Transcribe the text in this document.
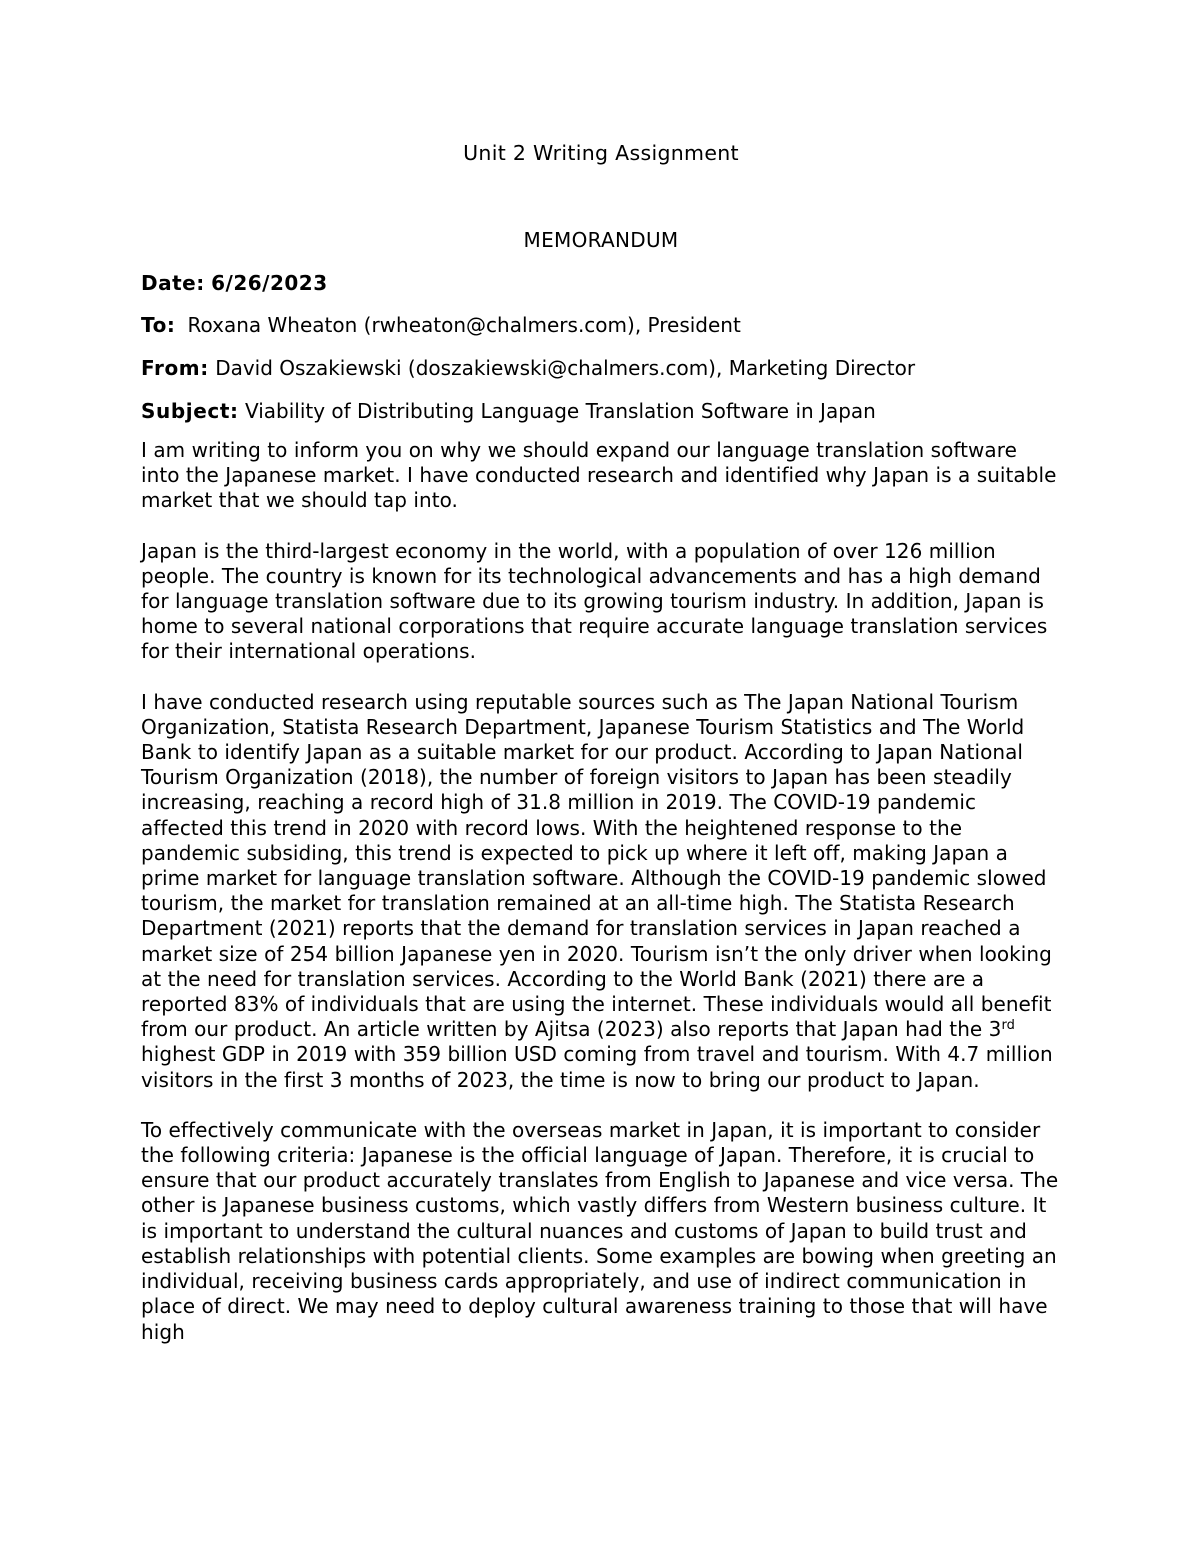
Unit 2 Writing Assignment

MEMORANDUM

Date: 6/26/2023

To: Roxana Wheaton (rwheaton@chalmers.com), President

From: David Oszakiewski (doszakiewski@chalmers.com), Marketing Director

Subject: Viability of Distributing Language Translation Software in Japan

I am writing to inform you on why we should expand our language translation software into the Japanese market. I have conducted research and identified why Japan is a suitable market that we should tap into.

Japan is the third-largest economy in the world, with a population of over 126 million people. The country is known for its technological advancements and has a high demand for language translation software due to its growing tourism industry. In addition, Japan is home to several national corporations that require accurate language translation services for their international operations.

I have conducted research using reputable sources such as The Japan National Tourism Organization, Statista Research Department, Japanese Tourism Statistics and The World Bank to identify Japan as a suitable market for our product. According to Japan National Tourism Organization (2018), the number of foreign visitors to Japan has been steadily increasing, reaching a record high of 31.8 million in 2019. The COVID-19 pandemic affected this trend in 2020 with record lows. With the heightened response to the pandemic subsiding, this trend is expected to pick up where it left off, making Japan a prime market for language translation software. Although the COVID-19 pandemic slowed tourism, the market for translation remained at an all-time high. The Statista Research Department (2021) reports that the demand for translation services in Japan reached a market size of 254 billion Japanese yen in 2020. Tourism isn’t the only driver when looking at the need for translation services. According to the World Bank (2021) there are a reported 83% of individuals that are using the internet. These individuals would all benefit from our product. An article written by Ajitsa (2023) also reports that Japan had the 3rd highest GDP in 2019 with 359 billion USD coming from travel and tourism. With 4.7 million visitors in the first 3 months of 2023, the time is now to bring our product to Japan.

To effectively communicate with the overseas market in Japan, it is important to consider the following criteria: Japanese is the official language of Japan. Therefore, it is crucial to ensure that our product accurately translates from English to Japanese and vice versa. The other is Japanese business customs, which vastly differs from Western business culture. It is important to understand the cultural nuances and customs of Japan to build trust and establish relationships with potential clients. Some examples are bowing when greeting an individual, receiving business cards appropriately, and use of indirect communication in place of direct. We may need to deploy cultural awareness training to those that will have high
